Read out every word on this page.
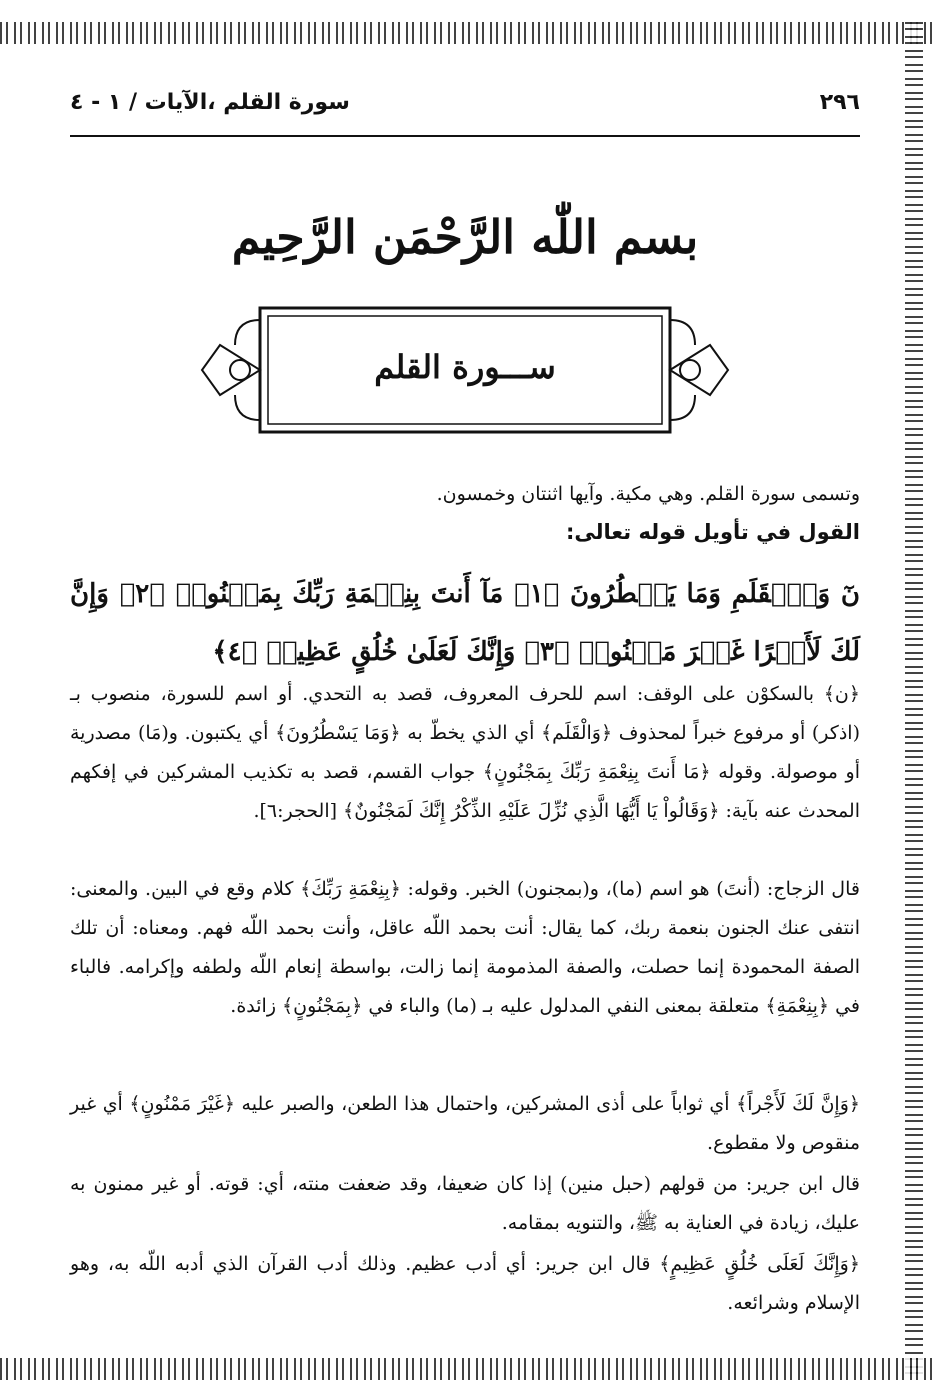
٢٩٦
سورة القلم ،الآيات / ١ - ٤
بسم اللّٰه الرَّحْمَن الرَّحِيم
ســـورة القلم
وتسمى سورة القلم. وهي مكية. وآيها اثنتان وخمسون.
القول في تأويل قوله تعالى:
نٓ وَٱلۡقَلَمِ وَمَا يَسۡطُرُونَ ﴿١﴾ مَآ أَنتَ بِنِعۡمَةِ رَبِّكَ بِمَجۡنُونٖ ﴿٢﴾ وَإِنَّ لَكَ لَأَجۡرًا غَيۡرَ مَمۡنُونٖ ﴿٣﴾ وَإِنَّكَ لَعَلَىٰ خُلُقٍ عَظِيمٖ ﴿٤﴾
﴿ن﴾ بالسكوْن على الوقف: اسم للحرف المعروف، قصد به التحدي. أو اسم للسورة، منصوب بـ (اذكر) أو مرفوع خبراً لمحذوف ﴿وَالْقَلَم﴾ أي الذي يخطّ به ﴿وَمَا يَسْطُرُونَ﴾ أي يكتبون. و(مَا) مصدرية أو موصولة. وقوله ﴿مَا أَنتَ بِنِعْمَةِ رَبِّكَ بِمَجْنُونٍ﴾ جواب القسم، قصد به تكذيب المشركين في إفكهم المحدث عنه بآية: ﴿وَقَالُواْ يَا أَيُّهَا الَّذِي نُزِّلَ عَلَيْهِ الذِّكْرُ إِنَّكَ لَمَجْنُونٌ﴾ [الحجر:٦].
قال الزجاج: (أنتَ) هو اسم (ما)، و(بمجنون) الخبر. وقوله: ﴿بِنِعْمَةِ رَبِّكَ﴾ كلام وقع في البين. والمعنى: انتفى عنك الجنون بنعمة ربك، كما يقال: أنت بحمد اللّه عاقل، وأنت بحمد اللّه فهم. ومعناه: أن تلك الصفة المحمودة إنما حصلت، والصفة المذمومة إنما زالت، بواسطة إنعام اللّه ولطفه وإكرامه. فالباء في ﴿بِنِعْمَةِ﴾ متعلقة بمعنى النفي المدلول عليه بـ (ما) والباء في ﴿بِمَجْنُونٍ﴾ زائدة.
﴿وَإِنَّ لَكَ لَأَجْراً﴾ أي ثواباً على أذى المشركين، واحتمال هذا الطعن، والصبر عليه ﴿غَيْرَ مَمْنُونٍ﴾ أي غير منقوص ولا مقطوع.
قال ابن جرير: من قولهم (حبل منين) إذا كان ضعيفا، وقد ضعفت منته، أي: قوته. أو غير ممنون به عليك، زيادة في العناية به ﷺ، والتنويه بمقامه.
﴿وَإِنَّكَ لَعَلَى خُلُقٍ عَظِيمٍ﴾ قال ابن جرير: أي أدب عظيم. وذلك أدب القرآن الذي أدبه اللّه به، وهو الإسلام وشرائعه.
